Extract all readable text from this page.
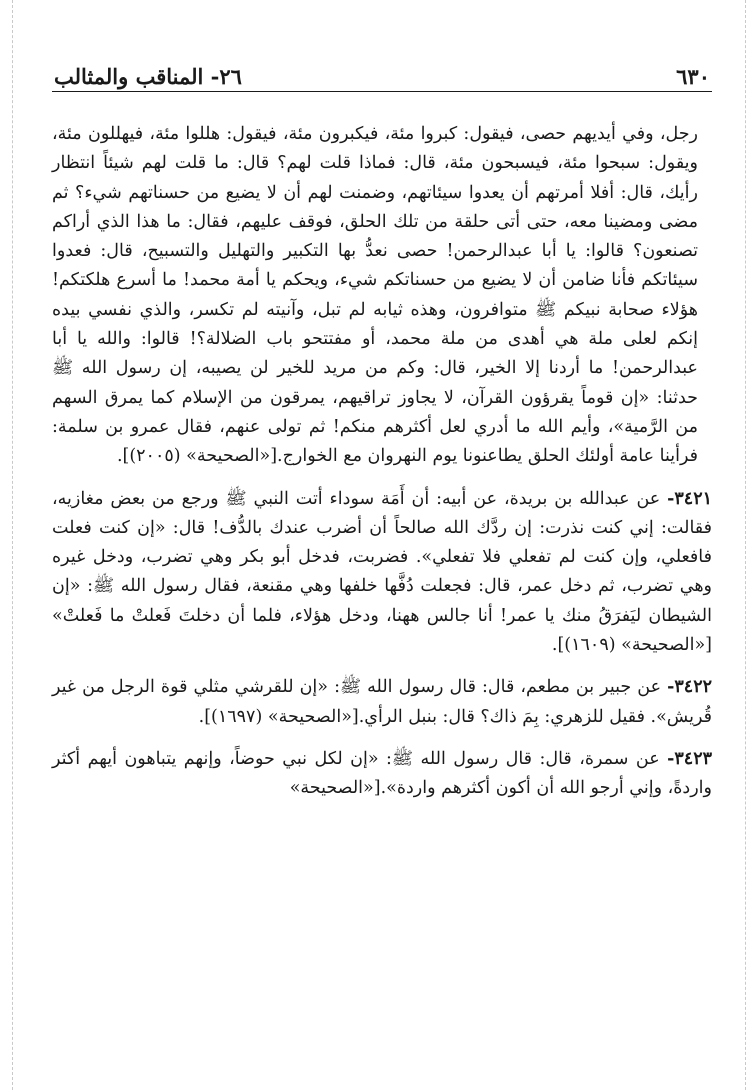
٦٣٠
٢٦- المناقب والمثالب

رجل، وفي أيديهم حصى، فيقول: كبروا مئة، فيكبرون مئة، فيقول: هللوا مئة، فيهللون مئة، ويقول: سبحوا مئة، فيسبحون مئة، قال: فماذا قلت لهم؟ قال: ما قلت لهم شيئاً انتظار رأيك، قال: أفلا أمرتهم أن يعدوا سيئاتهم، وضمنت لهم أن لا يضيع من حسناتهم شيء؟ ثم مضى ومضينا معه، حتى أتى حلقة من تلك الحلق، فوقف عليهم، فقال: ما هذا الذي أراكم تصنعون؟ قالوا: يا أبا عبدالرحمن! حصى نعدُّ بها التكبير والتهليل والتسبيح، قال: فعدوا سيئاتكم فأنا ضامن أن لا يضيع من حسناتكم شيء، ويحكم يا أمة محمد! ما أسرع هلكتكم! هؤلاء صحابة نبيكم ﷺ متوافرون، وهذه ثيابه لم تبل، وآنيته لم تكسر، والذي نفسي بيده إنكم لعلى ملة هي أهدى من ملة محمد، أو مفتتحو باب الضلالة؟! قالوا: والله يا أبا عبدالرحمن! ما أردنا إلا الخير، قال: وكم من مريد للخير لن يصيبه، إن رسول الله ﷺ حدثنا: «إن قوماً يقرؤون القرآن، لا يجاوز تراقيهم، يمرقون من الإسلام كما يمرق السهم من الرَّمية»، وأيم الله ما أدري لعل أكثرهم منكم! ثم تولى عنهم، فقال عمرو بن سلمة: فرأينا عامة أولئك الحلق يطاعنونا يوم النهروان مع الخوارج.[«الصحيحة» (٢٠٠٥)].

٣٤٢١- عن عبدالله بن بريدة، عن أبيه: أن أَمَة سوداء أتت النبي ﷺ ورجع من بعض مغازيه، فقالت: إني كنت نذرت: إن ردَّك الله صالحاً أن أضرب عندك بالدُّف! قال: «إن كنت فعلت فافعلي، وإن كنت لم تفعلي فلا تفعلي». فضربت، فدخل أبو بكر وهي تضرب، ودخل غيره وهي تضرب، ثم دخل عمر، قال: فجعلت دُفَّها خلفها وهي مقنعة، فقال رسول الله ﷺ: «إن الشيطان ليَفرَقُ منك يا عمر! أنا جالس ههنا، ودخل هؤلاء، فلما أن دخلتَ فَعلتْ ما فَعلتْ» [«الصحيحة» (١٦٠٩)].

٣٤٢٢- عن جبير بن مطعم، قال: قال رسول الله ﷺ: «إن للقرشي مثلي قوة الرجل من غير قُريش». فقيل للزهري: بِمَ ذاك؟ قال: بنبل الرأي.[«الصحيحة» (١٦٩٧)].

٣٤٢٣- عن سمرة، قال: قال رسول الله ﷺ: «إن لكل نبي حوضاً، وإنهم يتباهون أيهم أكثر واردةً، وإني أرجو الله أن أكون أكثرهم واردة».[«الصحيحة»
